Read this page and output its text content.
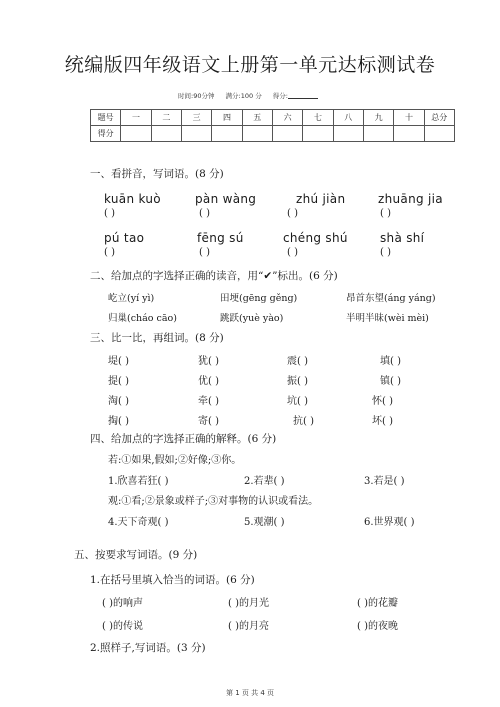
统编版四年级语文上册第一单元达标测试卷
时间:90分钟 满分:100 分 得分:
题号	一	二	三	四	五	六	七	八	九	十	总分
得分											
一、看拼音，写词语。(8 分)
kuān kuò	pàn wàng	zhú jiàn	zhuāng jia
( )	( )	( )	( )
pú tao	fēng sú	chéng shú	shà shí
( )	( )	( )	( )
二、给加点的字选择正确的读音，用“✔”标出。(6 分)
屹立(yí yì)	田埂(gēng gěng)	昂首东望(áng yáng)
归巢(cháo cāo)	跳跃(yuè yào)	半明半昧(wèi mèi)
三、比一比，再组词。(8 分)
堤( )	犹( )	震( )	填( )
提( )	优( )	振( )	镇( )
淘( )	牵( )	坑( )	怀( )
掏( )	寄( )	抗( )	坏( )
四、给加点的字选择正确的解释。(6 分)
若:①如果,假如;②好像;③你。
1.欣喜若狂( )	2.若辈( )	3.若是( )
观:①看;②景象或样子;③对事物的认识或看法。
4.天下奇观( )	5.观潮( )	6.世界观( )
五、按要求写词语。(9 分)
1.在括号里填入恰当的词语。(6 分)
( )的响声	( )的月光	( )的花瓣
( )的传说	( )的月亮	( )的夜晚
2.照样子,写词语。(3 分)
第 1 页 共 4 页
